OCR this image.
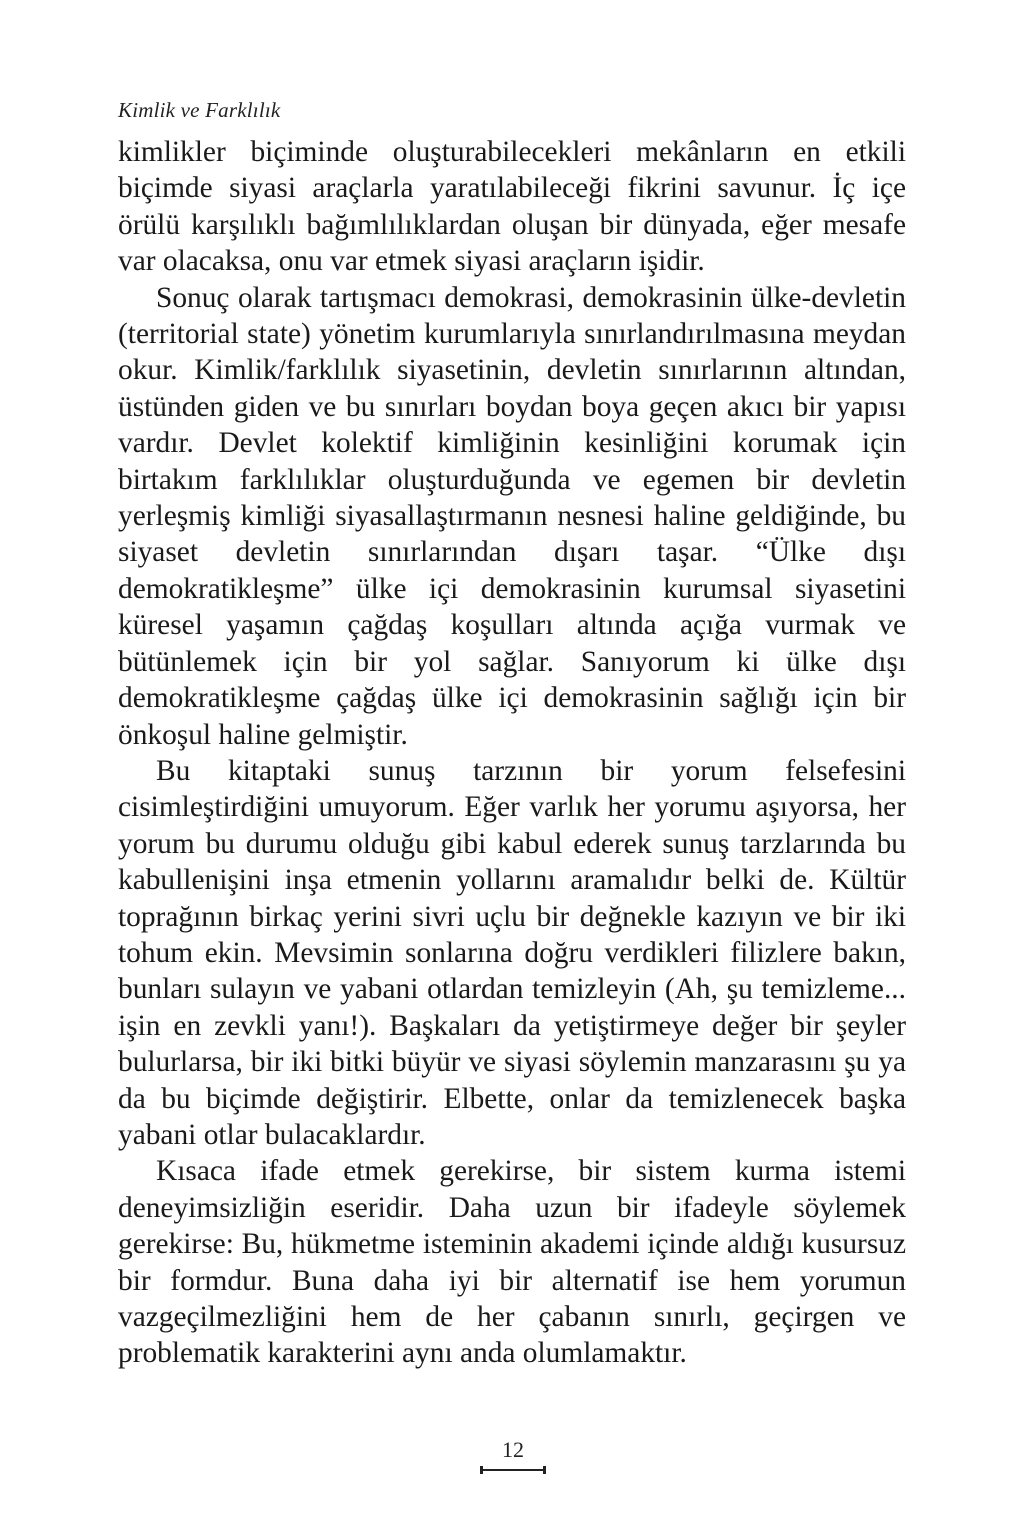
Kimlik ve Farklılık

kimlikler biçiminde oluşturabilecekleri mekânların en etkili biçimde siyasi araçlarla yaratılabileceği fikrini savunur. İç içe örülü karşılıklı bağımlılıklardan oluşan bir dünyada, eğer mesafe var olacaksa, onu var etmek siyasi araçların işidir.

Sonuç olarak tartışmacı demokrasi, demokrasinin ülke-devletin (territorial state) yönetim kurumlarıyla sınırlandırılmasına meydan okur. Kimlik/farklılık siyasetinin, devletin sınırlarının altından, üstünden giden ve bu sınırları boydan boya geçen akıcı bir yapısı vardır. Devlet kolektif kimliğinin kesinliğini korumak için birtakım farklılıklar oluşturduğunda ve egemen bir devletin yerleşmiş kimliği siyasallaştırmanın nesnesi haline geldiğinde, bu siyaset devletin sınırlarından dışarı taşar. “Ülke dışı demokratikleşme” ülke içi demokrasinin kurumsal siyasetini küresel yaşamın çağdaş koşulları altında açığa vurmak ve bütünlemek için bir yol sağlar. Sanıyorum ki ülke dışı demokratikleşme çağdaş ülke içi demokrasinin sağlığı için bir önkoşul haline gelmiştir.

Bu kitaptaki sunuş tarzının bir yorum felsefesini cisimleştirdiğini umuyorum. Eğer varlık her yorumu aşıyorsa, her yorum bu durumu olduğu gibi kabul ederek sunuş tarzlarında bu kabullenişini inşa etmenin yollarını aramalıdır belki de. Kültür toprağının birkaç yerini sivri uçlu bir değnekle kazıyın ve bir iki tohum ekin. Mevsimin sonlarına doğru verdikleri filizlere bakın, bunları sulayın ve yabani otlardan temizleyin (Ah, şu temizleme... işin en zevkli yanı!). Başkaları da yetiştirmeye değer bir şeyler bulurlarsa, bir iki bitki büyür ve siyasi söylemin manzarasını şu ya da bu biçimde değiştirir. Elbette, onlar da temizlenecek başka yabani otlar bulacaklardır.

Kısaca ifade etmek gerekirse, bir sistem kurma istemi deneyimsizliğin eseridir. Daha uzun bir ifadeyle söylemek gerekirse: Bu, hükmetme isteminin akademi içinde aldığı kusursuz bir formdur. Buna daha iyi bir alternatif ise hem yorumun vazgeçilmezliğini hem de her çabanın sınırlı, geçirgen ve problematik karakterini aynı anda olumlamaktır.

12
